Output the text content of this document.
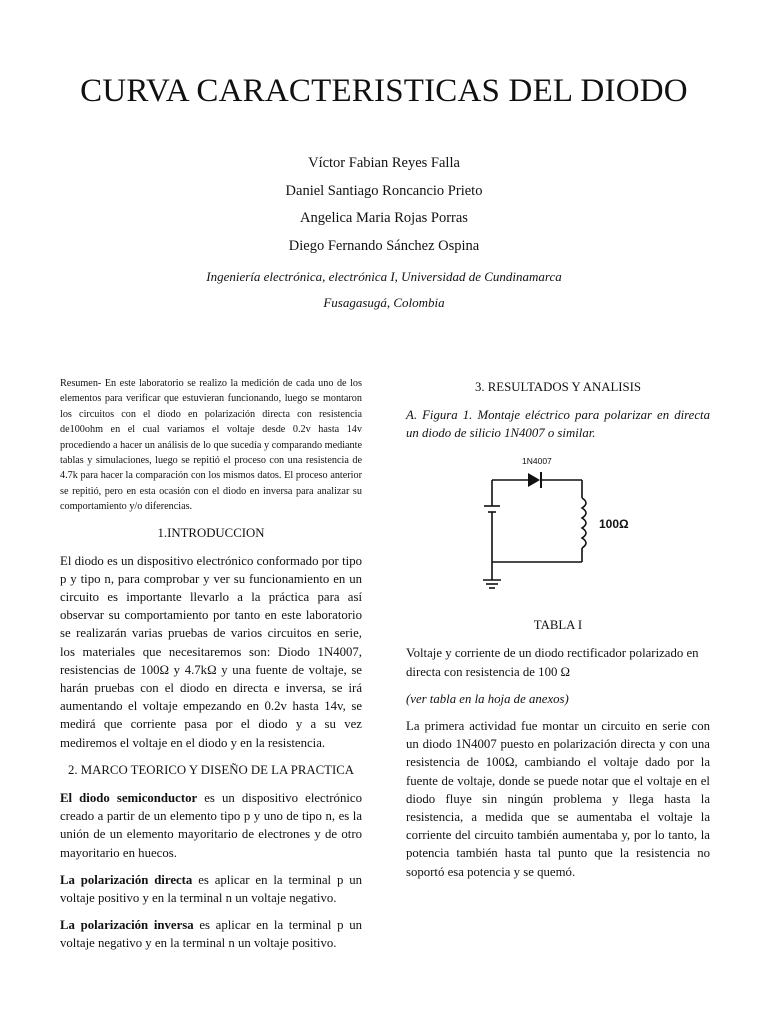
CURVA CARACTERISTICAS DEL DIODO
Víctor Fabian Reyes Falla
Daniel Santiago Roncancio Prieto
Angelica Maria Rojas Porras
Diego Fernando Sánchez Ospina
Ingeniería electrónica, electrónica I, Universidad de Cundinamarca
Fusagasugá, Colombia

Resumen- En este laboratorio se realizo la medición de cada uno de los elementos para verificar que estuvieran funcionando, luego se montaron los circuitos con el diodo en polarización directa con resistencia de100ohm en el cual variamos el voltaje desde 0.2v hasta 14v procediendo a hacer un análisis de lo que sucedía y comparando mediante tablas y simulaciones, luego se repitió el proceso con una resistencia de 4.7k para hacer la comparación con los mismos datos. El proceso anterior se repitió, pero en esta ocasión con el diodo en inversa para analizar su comportamiento y/o diferencias.

1.INTRODUCCION

El diodo es un dispositivo electrónico conformado por tipo p y tipo n, para comprobar y ver su funcionamiento en un circuito es importante llevarlo a la práctica para así observar su comportamiento por tanto en este laboratorio se realizarán varias pruebas de varios circuitos en serie, los materiales que necesitaremos son: Diodo 1N4007, resistencias de 100Ω y 4.7kΩ y una fuente de voltaje, se harán pruebas con el diodo en directa e inversa, se irá aumentando el voltaje empezando en 0.2v hasta 14v, se medirá que corriente pasa por el diodo y a su vez mediremos el voltaje en el diodo y en la resistencia.

2. MARCO TEORICO Y DISEÑO DE LA PRACTICA

El diodo semiconductor es un dispositivo electrónico creado a partir de un elemento tipo p y uno de tipo n, es la unión de un elemento mayoritario de electrones y de otro mayoritario en huecos.

La polarización directa es aplicar en la terminal p un voltaje positivo y en la terminal n un voltaje negativo.

La polarización inversa es aplicar en la terminal p un voltaje negativo y en la terminal n un voltaje positivo.

3. RESULTADOS Y ANALISIS

A. Figura 1. Montaje eléctrico para polarizar en directa un diodo de silicio 1N4007 o similar.

1N4007
100Ω
TABLA I

Voltaje y corriente de un diodo rectificador polarizado en directa con resistencia de 100 Ω

(ver tabla en la hoja de anexos)

La primera actividad fue montar un circuito en serie con un diodo 1N4007 puesto en polarización directa y con una resistencia de 100Ω, cambiando el voltaje dado por la fuente de voltaje, donde se puede notar que el voltaje en el diodo fluye sin ningún problema y llega hasta la resistencia, a medida que se aumentaba el voltaje la corriente del circuito también aumentaba y, por lo tanto, la potencia también hasta tal punto que la resistencia no soportó esa potencia y se quemó.
